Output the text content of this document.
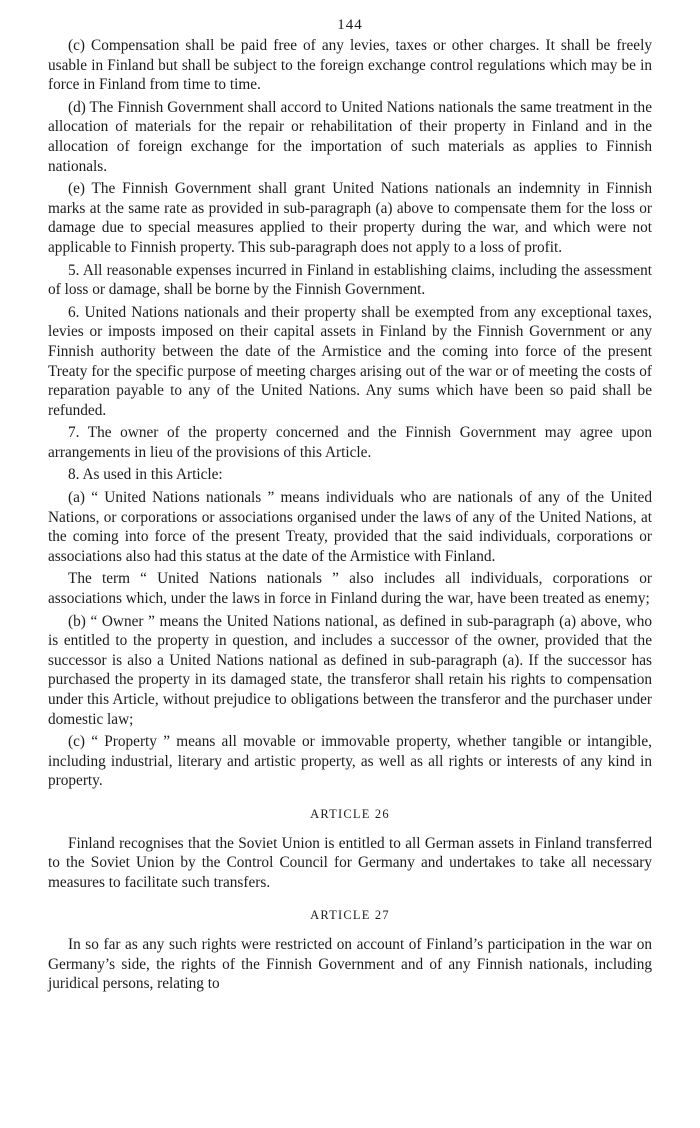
144

(c) Compensation shall be paid free of any levies, taxes or other charges. It shall be freely usable in Finland but shall be subject to the foreign exchange control regulations which may be in force in Finland from time to time.

(d) The Finnish Government shall accord to United Nations nationals the same treatment in the allocation of materials for the repair or rehabilitation of their property in Finland and in the allocation of foreign exchange for the importation of such materials as applies to Finnish nationals.

(e) The Finnish Government shall grant United Nations nationals an indemnity in Finnish marks at the same rate as provided in sub-paragraph (a) above to compensate them for the loss or damage due to special measures applied to their property during the war, and which were not applicable to Finnish property. This sub-paragraph does not apply to a loss of profit.

5. All reasonable expenses incurred in Finland in establishing claims, including the assessment of loss or damage, shall be borne by the Finnish Government.

6. United Nations nationals and their property shall be exempted from any exceptional taxes, levies or imposts imposed on their capital assets in Finland by the Finnish Government or any Finnish authority between the date of the Armistice and the coming into force of the present Treaty for the specific purpose of meeting charges arising out of the war or of meeting the costs of reparation payable to any of the United Nations. Any sums which have been so paid shall be refunded.

7. The owner of the property concerned and the Finnish Government may agree upon arrangements in lieu of the provisions of this Article.

8. As used in this Article:

(a) “ United Nations nationals ” means individuals who are nationals of any of the United Nations, or corporations or associations organised under the laws of any of the United Nations, at the coming into force of the present Treaty, provided that the said individuals, corporations or associations also had this status at the date of the Armistice with Finland.

The term “ United Nations nationals ” also includes all individuals, corporations or associations which, under the laws in force in Finland during the war, have been treated as enemy;

(b) “ Owner ” means the United Nations national, as defined in sub-paragraph (a) above, who is entitled to the property in question, and includes a successor of the owner, provided that the successor is also a United Nations national as defined in sub-paragraph (a). If the successor has purchased the property in its damaged state, the transferor shall retain his rights to compensation under this Article, without prejudice to obligations between the transferor and the purchaser under domestic law;

(c) “ Property ” means all movable or immovable property, whether tangible or intangible, including industrial, literary and artistic property, as well as all rights or interests of any kind in property.

ARTICLE 26

Finland recognises that the Soviet Union is entitled to all German assets in Finland transferred to the Soviet Union by the Control Council for Germany and undertakes to take all necessary measures to facilitate such transfers.

ARTICLE 27

In so far as any such rights were restricted on account of Finland’s participation in the war on Germany’s side, the rights of the Finnish Government and of any Finnish nationals, including juridical persons, relating to
